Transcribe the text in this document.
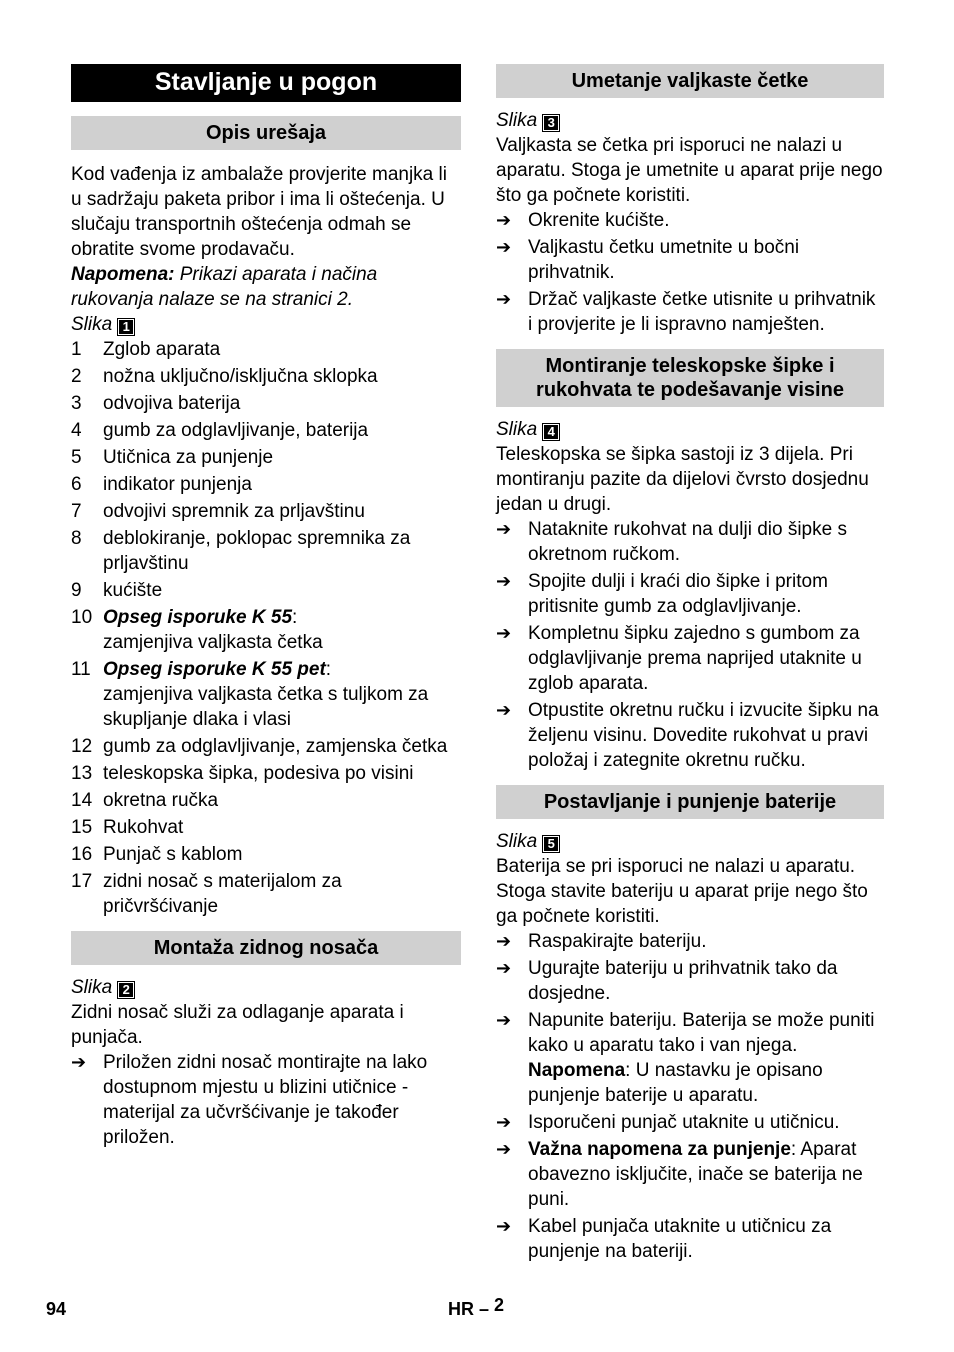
Stavljanje u pogon
Opis urešaja

Kod vađenja iz ambalaže provjerite manjka li u sadržaju paketa pribor i ima li oštećenja. U slučaju transportnih oštećenja odmah se obratite svome prodavaču.

Napomena: Prikazi aparata i načina rukovanja nalaze se na stranici 2.

Slika 1

1	Zglob aparata
2	nožna uključno/isključna sklopka
3	odvojiva baterija
4	gumb za odglavljivanje, baterija
5	Utičnica za punjenje
6	indikator punjenja
7	odvojivi spremnik za prljavštinu
8	deblokiranje, poklopac spremnika za prljavštinu
9	kućište
10 Opseg isporuke K 55:
zamjenjiva valjkasta četka
11 Opseg isporuke K 55 pet:
zamjenjiva valjkasta četka s tuljkom za skupljanje dlaka i vlasi
12 gumb za odglavljivanje, zamjenska četka
13 teleskopska šipka, podesiva po visini
14 okretna ručka
15 Rukohvat
16 Punjač s kablom
17 zidni nosač s materijalom za pričvršćivanje
Montaža zidnog nosača

Slika 2

Zidni nosač služi za odlaganje aparata i punjača.

➔ Priložen zidni nosač montirajte na lako dostupnom mjestu u blizini utičnice - materijal za učvršćivanje je također priložen.
Umetanje valjkaste četke

Slika 3

Valjkasta se četka pri isporuci ne nalazi u aparatu. Stoga je umetnite u aparat prije nego što ga počnete koristiti.

➔ Okrenite kućište.
➔ Valjkastu četku umetnite u bočni prihvatnik.
➔ Držač valjkaste četke utisnite u prihvatnik i provjerite je li ispravno namješten.
Montiranje teleskopske šipke i rukohvata te podešavanje visine

Slika 4

Teleskopska se šipka sastoji iz 3 dijela. Pri montiranju pazite da dijelovi čvrsto dosjednu jedan u drugi.

➔ Nataknite rukohvat na dulji dio šipke s okretnom ručkom.
➔ Spojite dulji i kraći dio šipke i pritom pritisnite gumb za odglavljivanje.
➔ Kompletnu šipku zajedno s gumbom za odglavljivanje prema naprijed utaknite u zglob aparata.
➔ Otpustite okretnu ručku i izvucite šipku na željenu visinu. Dovedite rukohvat u pravi položaj i zategnite okretnu ručku.
Postavljanje i punjenje baterije

Slika 5

Baterija se pri isporuci ne nalazi u aparatu. Stoga stavite bateriju u aparat prije nego što ga počnete koristiti.

➔ Raspakirajte bateriju.
➔ Ugurajte bateriju u prihvatnik tako da dosjedne.
➔ Napunite bateriju. Baterija se može puniti kako u aparatu tako i van njega.
Napomena: U nastavku je opisano punjenje baterije u aparatu.
➔ Isporučeni punjač utaknite u utičnicu.
➔ Važna napomena za punjenje: Aparat obavezno isključite, inače se baterija ne puni.
➔ Kabel punjača utaknite u utičnicu za punjenje na bateriji.
94	HR – 2
